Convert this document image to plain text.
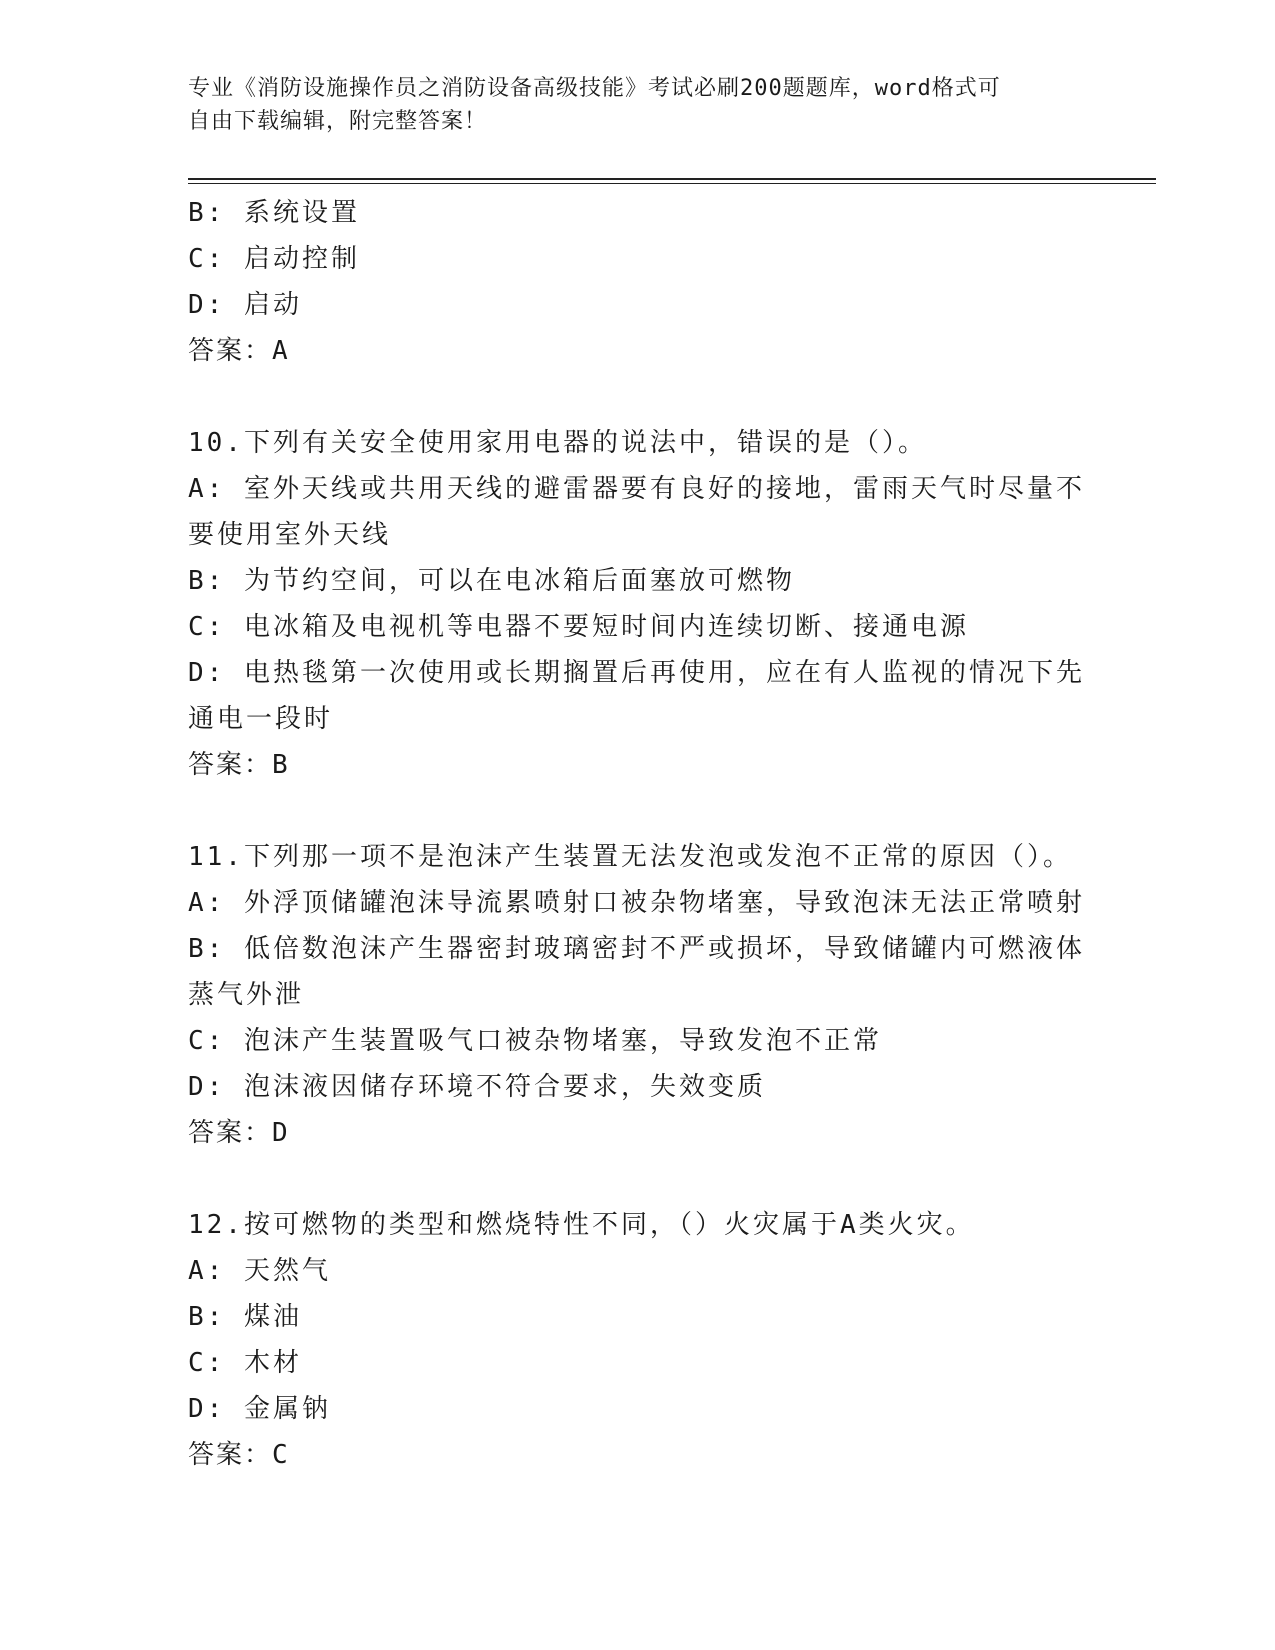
专业《消防设施操作员之消防设备高级技能》考试必刷200题题库，word格式可
自由下载编辑，附完整答案！
B: 系统设置
C: 启动控制
D: 启动
答案：A
10.下列有关安全使用家用电器的说法中，错误的是（）。
A: 室外天线或共用天线的避雷器要有良好的接地，雷雨天气时尽量不
要使用室外天线
B: 为节约空间，可以在电冰箱后面塞放可燃物
C: 电冰箱及电视机等电器不要短时间内连续切断、接通电源
D: 电热毯第一次使用或长期搁置后再使用，应在有人监视的情况下先
通电一段时
答案：B
11.下列那一项不是泡沫产生装置无法发泡或发泡不正常的原因（）。
A: 外浮顶储罐泡沫导流累喷射口被杂物堵塞，导致泡沫无法正常喷射
B: 低倍数泡沫产生器密封玻璃密封不严或损坏，导致储罐内可燃液体
蒸气外泄
C: 泡沫产生装置吸气口被杂物堵塞，导致发泡不正常
D: 泡沫液因储存环境不符合要求，失效变质
答案：D
12.按可燃物的类型和燃烧特性不同，（）火灾属于A类火灾。
A: 天然气
B: 煤油
C: 木材
D: 金属钠
答案：C
